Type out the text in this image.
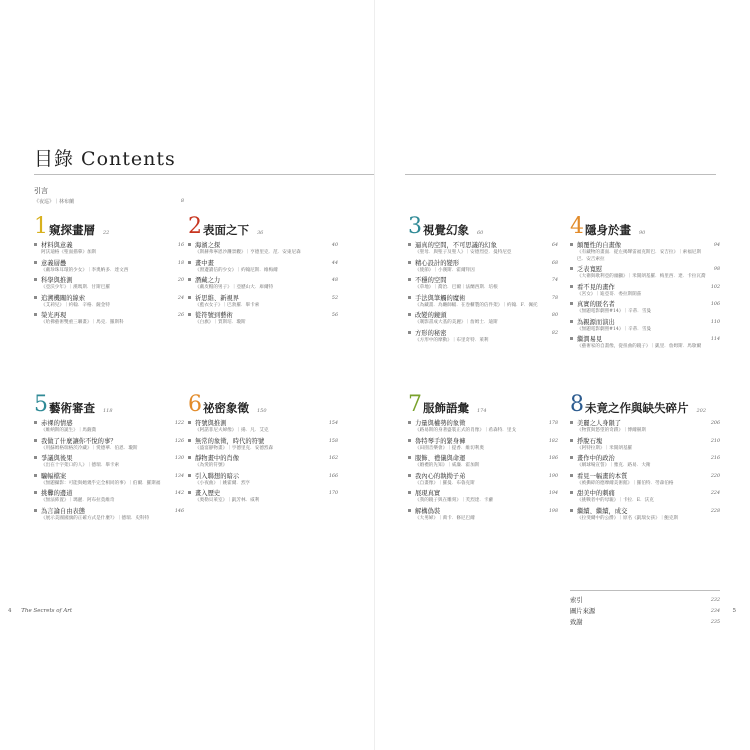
目錄 Contents
引言
《夜巡》｜林布蘭	8
4 The Secrets of Art	5
1 窺探畫層 22
材料與意義	16
阿沃迪格《聖面描摹》加斯
意義層疊	18
《戴珍珠耳環的少女》｜李奧納多．達文西
科學與推測	20
《亞沃少年》｜漢瑪斯．甘斯巴羅
追溯機關的線索	24
《艾莉兒》｜約翰．辛格．薩金特
榮光再現	26
《哈佛藝術雙重三聯畫》｜馬克．羅斯科
2 表面之下 36
海濱之探	40
《斯赫弗寧恩沙灘景觀》｜亨德里克．范．安東尼森
畫中畫	44
《窗邊讀信的少女》｜約翰尼斯．維梅爾
潛藏之力	48
《戴皮帽的男子》｜亞歷山大．庫爾特
祈思維、新視界	52
《藍衣女子》｜巴勃羅．畢卡索
從符號到藝術	56
《白旗》｜賈斯培．瓊斯
3 視覺幻象 60
逼真的空間，不可思議的幻象	64
《聖母．與聖子及聖人》｜安德烈亞．曼特尼亞
精心設計的變形	68
《使節》｜小漢斯．霍爾拜因
不穩的空間	74
《草地》｜喬治．巴爾｜法蘭西斯．培根
手法與筆觸的魔術	78
《為藏畫．為廳師幅．在卷櫃製的信件架》｜約翰．F．佩托
改變的鏡頭	80
《剃影書成大基的美麗》｜詹姆士．迪斯
方形的秘密	82
《方形中的摩動》｜布里奇特．萊利
4 隱身於畫 90
顛覆性的自畫像	94
《有藏物的畫面．從左揭聲雷福克斯巴．安吉拉》｜索福尼斯巴．安吉索拉
乏表寬慰	98
《大衛與歌利亞的頭顱》｜米開朗基羅．梅里西．達．卡拉瓦喬
看不見的畫作	102
《宮女》｜迪亞哥．委拉斯開茲
真實的匿名者	106
《無題電影劇照#14》｜辛蒂．雪曼
為親源而演出	110
《無題電影劇照#14》｜辛蒂．雪曼
繼潤易見	114
《藝術家的自畫像，從扭曲的鏡子》｜凱里．詹姆斯．馬歇爾
5 藝術審查 118
赤裸的情感	122
《維納斯的誕生》｜馬薩喬
我做了什麼讓你不悅的事？	126
《用蘇姆格瑞格茨冷藏》｜愛德華．伯恩．瓊斯
爭議與後果	130
《出在十字架口的人》｜德瑞．畢卡索
騙幅檔案	134
《無題攝影：可能與她幾乎完全相同的事》｜伯爾．羅斯福
挑釁的邊道	142
《無法佈置》｜瑪麗．阿布拉莫維奇
為言論自由表態	146
《展示美國國旗的正確方式是什麼?》｜德瑞．史科特
6 祕密象徵 150
符號與推測	154
《阿諾菲尼夫婦像》｜揚．凡．艾克
無常的象徵，時代的符號	158
《盛宴靜物畫》｜亨德里克．安德烈森
靜物畫中的肖像	162
《為愛的符號》
引入聯想的暗示	166
《小夜曲》｜姚霍爾．烈亨
畫入歷史	170
《奧勒貝萊室》｜凱芳林．威利
7 服飾語彙 174
力量與權勢的象徵	178
《路易斯的身著盛裝正式的肖像》｜希森特．里戈
魯特琴手的緊身褲	182
《田園音樂會》｜提香．維切利奧
服飾、禮儀與命運	186
《婚禮的先知》｜威廉．霍加斯
我內心的執拗子弟	190
《自畫像》｜羅曼．布魯克斯
展現真實	194
《我的鏡子與在雕刻》｜芙烈達．卡蘿
解構偽裝	198
《大男婦》｜萬卡．修尼巴爾
8 未竟之作與缺失碎片 202
美麗之人身隕了	206
《物質與慾望的奇蹟》｜博爾赫斯
掙脫石塊	210
《阿特拉斯》｜米開朗基羅
畫作中的政治	216
《網球場宣誓》｜雅克．路易．大衛
看見一幅畫的本質	220
《被撕碎的德摩爾美術館》｜羅伯特．勞森伯格
甜美中的刺痛	224
《挑戰者中的母親》｜卡拉．E．沃克
繼續、繼續，成交	228
《拉斐爾中的公爵》｜原名《凱瑞女孩》｜鮑克斯
索引	232
圖片來源	234
致謝	235
